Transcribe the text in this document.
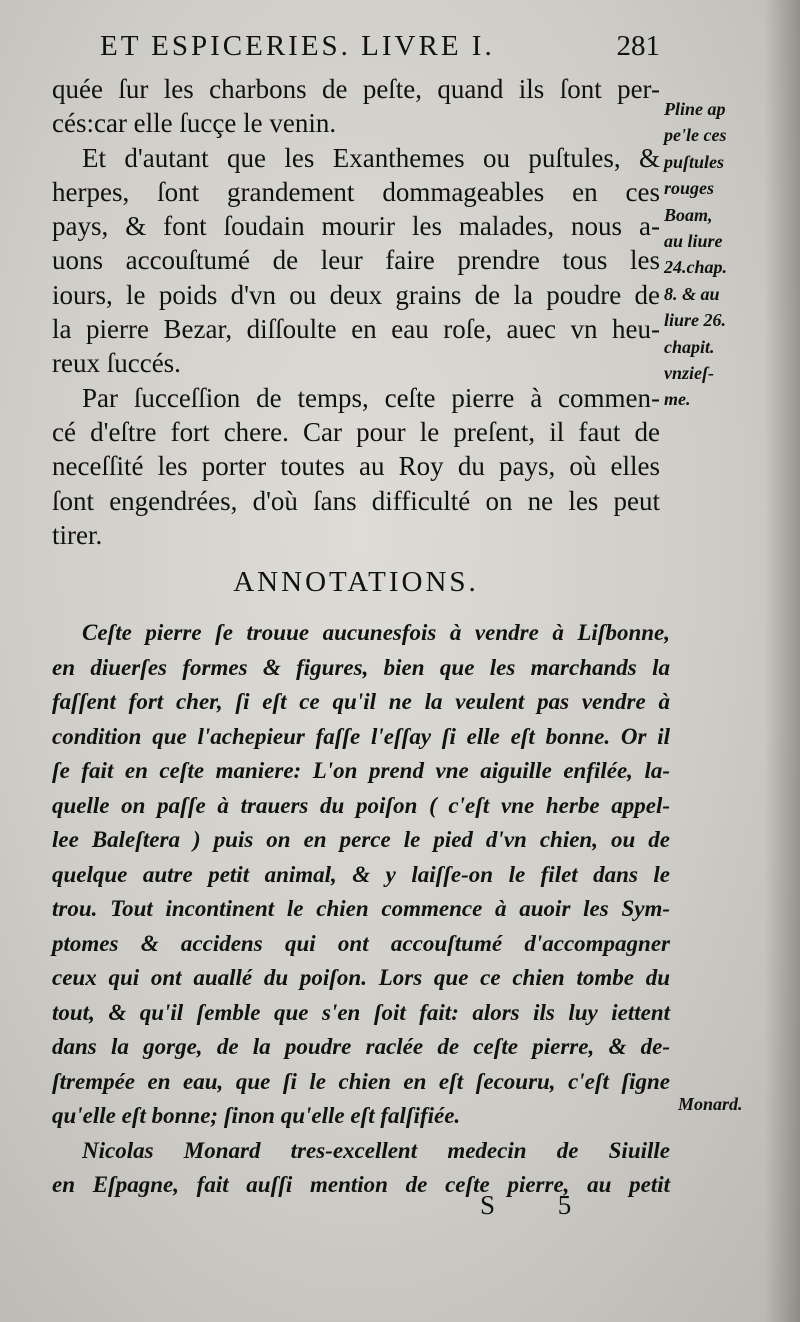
ET ESPICERIES. LIVRE I.	281
quée ſur les charbons de peſte, quand ils ſont per-
cés:car elle ſucçe le venin.
Et d'autant que les Exanthemes ou puſtules, &
herpes, ſont grandement dommageables en ces
pays, & font ſoudain mourir les malades, nous a-
uons accouſtumé de leur faire prendre tous les
iours, le poids d'vn ou deux grains de la poudre de
la pierre Bezar, diſſoulte en eau roſe, auec vn heu-
reux ſuccés.
Par ſucceſſion de temps, ceſte pierre à commen-
cé d'eſtre fort chere. Car pour le preſent, il faut de
neceſſité les porter toutes au Roy du pays, où elles
ſont engendrées, d'où ſans difficulté on ne les peut
tirer.
ANNOTATIONS.
Ceſte pierre ſe trouue aucunesfois à vendre à Liſbonne,
en diuerſes formes & figures, bien que les marchands la
faſſent fort cher, ſi eſt ce qu'il ne la veulent pas vendre à
condition que l'achepieur faſſe l'eſſay ſi elle eſt bonne. Or il
ſe fait en ceſte maniere: L'on prend vne aiguille enfilée, la-
quelle on paſſe à trauers du poiſon ( c'eſt vne herbe appel-
lee Baleſtera ) puis on en perce le pied d'vn chien, ou de
quelque autre petit animal, & y laiſſe-on le filet dans le
trou. Tout incontinent le chien commence à auoir les Sym-
ptomes & accidens qui ont accouſtumé d'accompagner
ceux qui ont auallé du poiſon. Lors que ce chien tombe du
tout, & qu'il ſemble que s'en ſoit fait: alors ils luy iettent
dans la gorge, de la poudre raclée de ceſte pierre, & de-
ſtrempée en eau, que ſi le chien en eſt ſecouru, c'eſt ſigne
qu'elle eſt bonne; ſinon qu'elle eſt falſifiée.
Nicolas Monard tres-excellent medecin de Siuille
en Eſpagne, fait auſſi mention de ceſte pierre, au petit
Pline ap
pe'le ces
puſtules
rouges
Boam,
au liure
24.chap.
8. & au
liure 26.
chapit.
vnzieſ-
me.
Monard.
S 5
